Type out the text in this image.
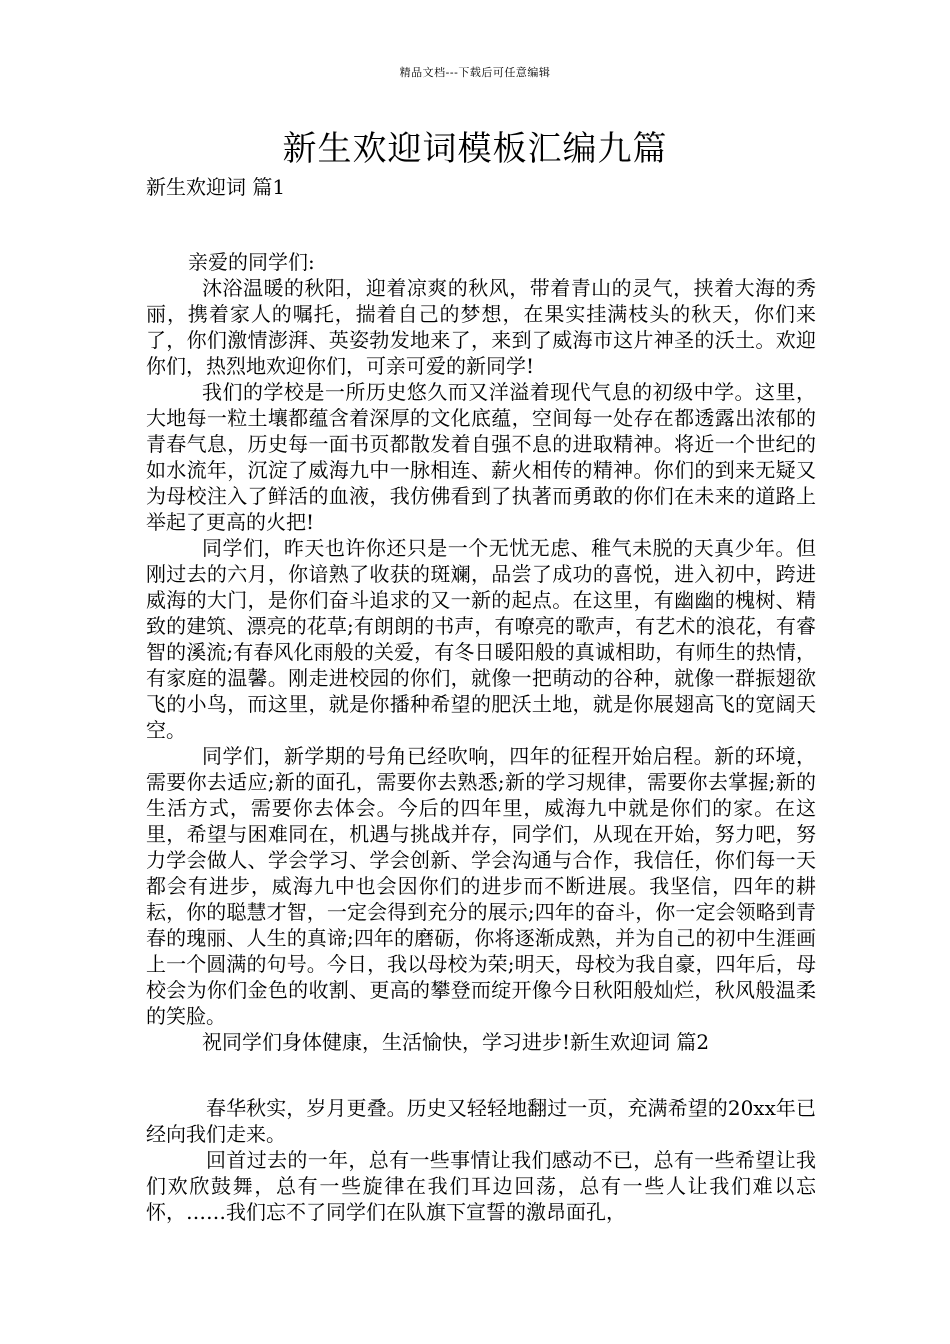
精品文档---下载后可任意编辑
新生欢迎词模板汇编九篇
新生欢迎词 篇1

亲爱的同学们:

沐浴温暖的秋阳，迎着凉爽的秋风，带着青山的灵气，挟着大海的秀丽，携着家人的嘱托，揣着自己的梦想，在果实挂满枝头的秋天，你们来了，你们激情澎湃、英姿勃发地来了，来到了威海市这片神圣的沃土。欢迎你们，热烈地欢迎你们，可亲可爱的新同学!

我们的学校是一所历史悠久而又洋溢着现代气息的初级中学。这里，大地每一粒土壤都蕴含着深厚的文化底蕴，空间每一处存在都透露出浓郁的青春气息，历史每一面书页都散发着自强不息的进取精神。将近一个世纪的如水流年，沉淀了威海九中一脉相连、薪火相传的精神。你们的到来无疑又为母校注入了鲜活的血液，我仿佛看到了执著而勇敢的你们在未来的道路上举起了更高的火把!

同学们，昨天也许你还只是一个无忧无虑、稚气未脱的天真少年。但刚过去的六月，你谙熟了收获的斑斓，品尝了成功的喜悦，进入初中，跨进威海的大门，是你们奋斗追求的又一新的起点。在这里，有幽幽的槐树、精致的建筑、漂亮的花草;有朗朗的书声，有嘹亮的歌声，有艺术的浪花，有睿智的溪流;有春风化雨般的关爱，有冬日暖阳般的真诚相助，有师生的热情，有家庭的温馨。刚走进校园的你们，就像一把萌动的谷种，就像一群振翅欲飞的小鸟，而这里，就是你播种希望的肥沃土地，就是你展翅高飞的宽阔天空。

同学们，新学期的号角已经吹响，四年的征程开始启程。新的环境，需要你去适应;新的面孔，需要你去熟悉;新的学习规律，需要你去掌握;新的生活方式，需要你去体会。今后的四年里，威海九中就是你们的家。在这里，希望与困难同在，机遇与挑战并存，同学们，从现在开始，努力吧，努力学会做人、学会学习、学会创新、学会沟通与合作，我信任，你们每一天都会有进步，威海九中也会因你们的进步而不断进展。我坚信，四年的耕耘，你的聪慧才智，一定会得到充分的展示;四年的奋斗，你一定会领略到青春的瑰丽、人生的真谛;四年的磨砺，你将逐渐成熟，并为自己的初中生涯画上一个圆满的句号。今日，我以母校为荣;明天，母校为我自豪，四年后，母校会为你们金色的收割、更高的攀登而绽开像今日秋阳般灿烂，秋风般温柔的笑脸。

祝同学们身体健康，生活愉快，学习进步!新生欢迎词 篇2

春华秋实，岁月更叠。历史又轻轻地翻过一页，充满希望的20xx年已经向我们走来。

回首过去的一年，总有一些事情让我们感动不已，总有一些希望让我们欢欣鼓舞，总有一些旋律在我们耳边回荡，总有一些人让我们难以忘怀，……我们忘不了同学们在队旗下宣誓的激昂面孔，
